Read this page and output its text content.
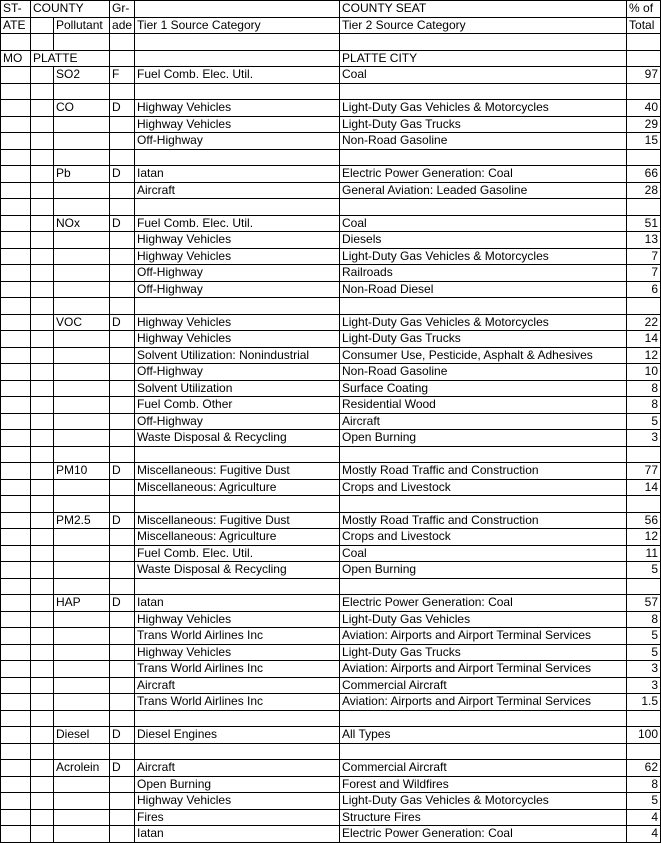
ST-	COUNTY		Gr-		COUNTY SEAT	% of
ATE		Pollutant	ade	Tier 1 Source Category	Tier 2 Source Category	Total

MO	PLATTE				PLATTE CITY	
		SO2	F	Fuel Comb. Elec. Util.	Coal	97

		CO	D	Highway Vehicles	Light-Duty Gas Vehicles & Motorcycles	40
				Highway Vehicles	Light-Duty Gas Trucks	29
				Off-Highway	Non-Road Gasoline	15

		Pb	D	Iatan	Electric Power Generation: Coal	66
				Aircraft	General Aviation: Leaded Gasoline	28

		NOx	D	Fuel Comb. Elec. Util.	Coal	51
				Highway Vehicles	Diesels	13
				Highway Vehicles	Light-Duty Gas Vehicles & Motorcycles	7
				Off-Highway	Railroads	7
				Off-Highway	Non-Road Diesel	6

		VOC	D	Highway Vehicles	Light-Duty Gas Vehicles & Motorcycles	22
				Highway Vehicles	Light-Duty Gas Trucks	14
				Solvent Utilization: Nonindustrial	Consumer Use, Pesticide, Asphalt & Adhesives	12
				Off-Highway	Non-Road Gasoline	10
				Solvent Utilization	Surface Coating	8
				Fuel Comb. Other	Residential Wood	8
				Off-Highway	Aircraft	5
				Waste Disposal & Recycling	Open Burning	3

		PM10	D	Miscellaneous: Fugitive Dust	Mostly Road Traffic and Construction	77
				Miscellaneous: Agriculture	Crops and Livestock	14

		PM2.5	D	Miscellaneous: Fugitive Dust	Mostly Road Traffic and Construction	56
				Miscellaneous: Agriculture	Crops and Livestock	12
				Fuel Comb. Elec. Util.	Coal	11
				Waste Disposal & Recycling	Open Burning	5

		HAP	D	Iatan	Electric Power Generation: Coal	57
				Highway Vehicles	Light-Duty Gas Vehicles	8
				Trans World Airlines Inc	Aviation: Airports and Airport Terminal Services	5
				Highway Vehicles	Light-Duty Gas Trucks	5
				Trans World Airlines Inc	Aviation: Airports and Airport Terminal Services	3
				Aircraft	Commercial Aircraft	3
				Trans World Airlines Inc	Aviation: Airports and Airport Terminal Services	1.5

		Diesel	D	Diesel Engines	All Types	100

		Acrolein	D	Aircraft	Commercial Aircraft	62
				Open Burning	Forest and Wildfires	8
				Highway Vehicles	Light-Duty Gas Vehicles & Motorcycles	5
				Fires	Structure Fires	4
				Iatan	Electric Power Generation: Coal	4
